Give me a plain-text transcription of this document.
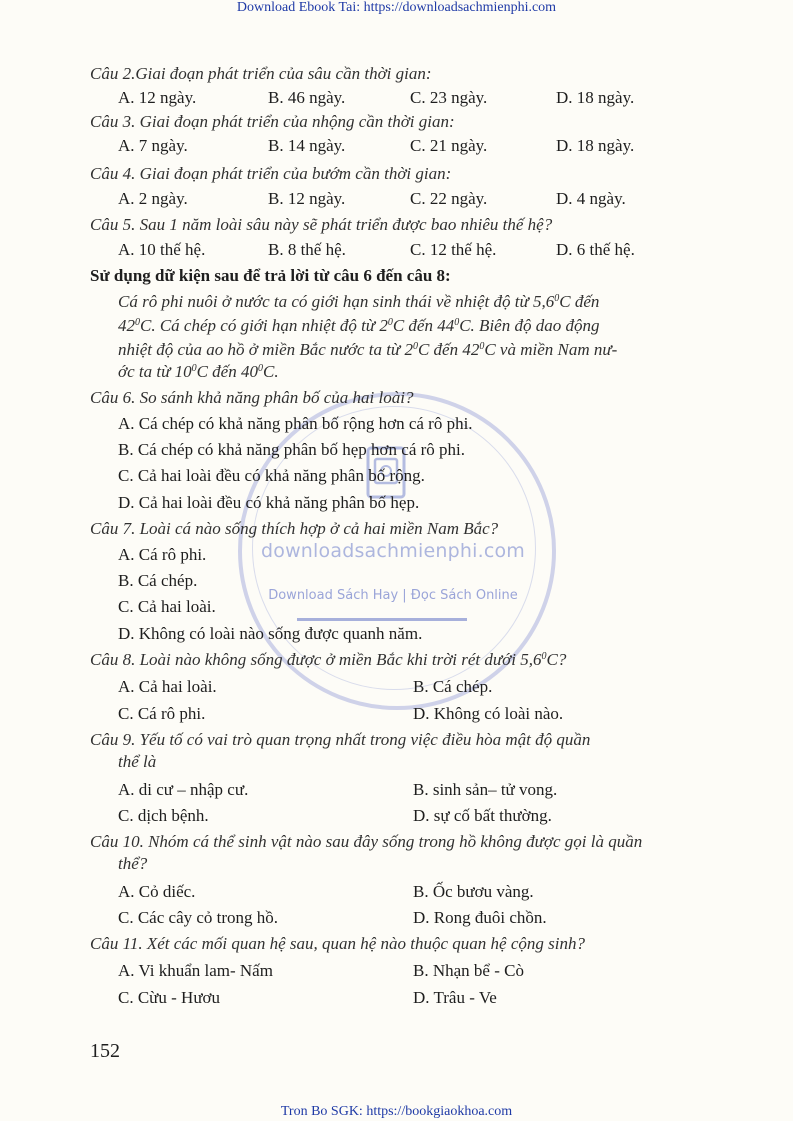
Download Ebook Tai: https://downloadsachmienphi.com
downloadsachmienphi.com
Download Sách Hay | Đọc Sách Online
Câu 2.Giai đoạn phát triển của sâu cần thời gian:
A. 12 ngày.	B. 46 ngày.	C. 23 ngày.	D. 18 ngày.
Câu 3. Giai đoạn phát triển của nhộng cần thời gian:
A. 7 ngày.	B. 14 ngày.	C. 21 ngày.	D. 18 ngày.
Câu 4. Giai đoạn phát triển của bướm cần thời gian:
A. 2 ngày.	B. 12 ngày.	C. 22 ngày.	D. 4 ngày.
Câu 5. Sau 1 năm loài sâu này sẽ phát triển được bao nhiêu thế hệ?
A. 10 thế hệ.	B. 8 thế hệ.	C. 12 thế hệ.	D. 6 thế hệ.
Sử dụng dữ kiện sau để trả lời từ câu 6 đến câu 8:
Cá rô phi nuôi ở nước ta có giới hạn sinh thái về nhiệt độ từ $5,6^0C$ đến
$42^0C$. Cá chép có giới hạn nhiệt độ từ $2^0C$ đến $44^0C$. Biên độ dao động
nhiệt độ của ao hồ ở miền Bắc nước ta từ $2^0C$ đến $42^0C$ và miền Nam nư-
ớc ta từ $10^0C$ đến $40^0C$.
Câu 6. So sánh khả năng phân bố của hai loài?
A. Cá chép có khả năng phân bố rộng hơn cá rô phi.
B. Cá chép có khả năng phân bố hẹp hơn cá rô phi.
C. Cả hai loài đều có khả năng phân bố rộng.
D. Cả hai loài đều có khả năng phân bố hẹp.
Câu 7. Loài cá nào sống thích hợp ở cả hai miền Nam Bắc?
A. Cá rô phi.
B. Cá chép.
C. Cả hai loài.
D. Không có loài nào sống được quanh năm.
Câu 8. Loài nào không sống được ở miền Bắc khi trời rét dưới $5,6^0C$?
A. Cả hai loài.	B. Cá chép.
C. Cá rô phi.	D. Không có loài nào.
Câu 9. Yếu tố có vai trò quan trọng nhất trong việc điều hòa mật độ quần
thể là
A. di cư – nhập cư.	B. sinh sản– tử vong.
C. dịch bệnh.	D. sự cố bất thường.
Câu 10. Nhóm cá thể sinh vật nào sau đây sống trong hồ không được gọi là quần
thể?
A. Cỏ diếc.	B. Ốc bươu vàng.
C. Các cây cỏ trong hồ.	D. Rong đuôi chồn.
Câu 11. Xét các mối quan hệ sau, quan hệ nào thuộc quan hệ cộng sinh?
A. Vi khuẩn lam- Nấm	B. Nhạn bể - Cò
C. Cừu - Hươu	D. Trâu - Ve
152
Tron Bo SGK: https://bookgiaokhoa.com
